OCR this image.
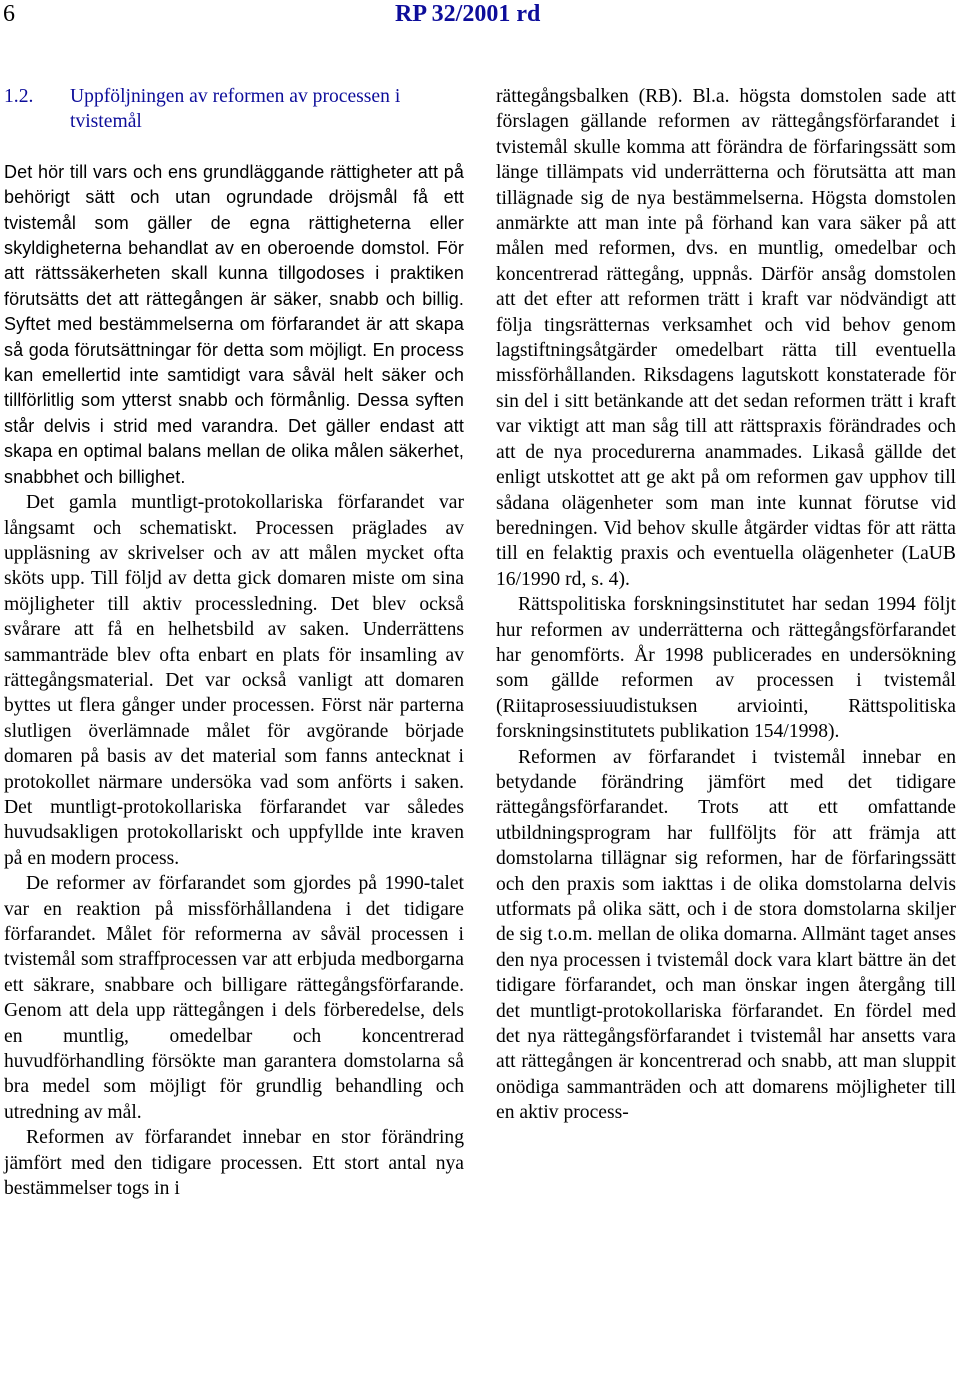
6	RP 32/2001 rd
1.2.	Uppföljningen av reformen av processen i tvistemål

Det hör till vars och ens grundläggande rättigheter att på behörigt sätt och utan ogrundade dröjsmål få ett tvistemål som gäller de egna rättigheterna eller skyldigheterna behandlat av en oberoende domstol. För att rättssäkerheten skall kunna tillgodoses i praktiken förutsätts det att rättegången är säker, snabb och billig. Syftet med bestämmelserna om förfarandet är att skapa så goda förutsättningar för detta som möjligt. En process kan emellertid inte samtidigt vara såväl helt säker och tillförlitlig som ytterst snabb och förmånlig. Dessa syften står delvis i strid med varandra. Det gäller endast att skapa en optimal balans mellan de olika målen säkerhet, snabbhet och billighet.

Det gamla muntligt-protokollariska förfarandet var långsamt och schematiskt. Processen präglades av uppläsning av skrivelser och av att målen mycket ofta sköts upp. Till följd av detta gick domaren miste om sina möjligheter till aktiv processledning. Det blev också svårare att få en helhetsbild av saken. Underrättens sammanträde blev ofta enbart en plats för insamling av rättegångsmaterial. Det var också vanligt att domaren byttes ut flera gånger under processen. Först när parterna slutligen överlämnade målet för avgörande började domaren på basis av det material som fanns antecknat i protokollet närmare undersöka vad som anförts i saken. Det muntligt-protokollariska förfarandet var således huvudsakligen protokollariskt och uppfyllde inte kraven på en modern process.

De reformer av förfarandet som gjordes på 1990-talet var en reaktion på missförhållandena i det tidigare förfarandet. Målet för reformerna av såväl processen i tvistemål som straffprocessen var att erbjuda medborgarna ett säkrare, snabbare och billigare rättegångsförfarande. Genom att dela upp rättegången i dels förberedelse, dels en muntlig, omedelbar och koncentrerad huvudförhandling försökte man garantera domstolarna så bra medel som möjligt för grundlig behandling och utredning av mål.

Reformen av förfarandet innebar en stor förändring jämfört med den tidigare processen. Ett stort antal nya bestämmelser togs in i

rättegångsbalken (RB). Bl.a. högsta domstolen sade att förslagen gällande reformen av rättegångsförfarandet i tvistemål skulle komma att förändra de förfaringssätt som länge tillämpats vid underrätterna och förutsätta att man tillägnade sig de nya bestämmelserna. Högsta domstolen anmärkte att man inte på förhand kan vara säker på att målen med reformen, dvs. en muntlig, omedelbar och koncentrerad rättegång, uppnås. Därför ansåg domstolen att det efter att reformen trätt i kraft var nödvändigt att följa tingsrätternas verksamhet och vid behov genom lagstiftningsåtgärder omedelbart rätta till eventuella missförhållanden. Riksdagens lagutskott konstaterade för sin del i sitt betänkande att det sedan reformen trätt i kraft var viktigt att man såg till att rättspraxis förändrades och att de nya procedurerna anammades. Likaså gällde det enligt utskottet att ge akt på om reformen gav upphov till sådana olägenheter som man inte kunnat förutse vid beredningen. Vid behov skulle åtgärder vidtas för att rätta till en felaktig praxis och eventuella olägenheter (LaUB 16/1990 rd, s. 4).

Rättspolitiska forskningsinstitutet har sedan 1994 följt hur reformen av underrätterna och rättegångsförfarandet har genomförts. År 1998 publicerades en undersökning som gällde reformen av processen i tvistemål (Riitaprosessiuudistuksen arviointi, Rättspolitiska forskningsinstitutets publikation 154/1998).

Reformen av förfarandet i tvistemål innebar en betydande förändring jämfört med det tidigare rättegångsförfarandet. Trots att ett omfattande utbildningsprogram har fullföljts för att främja att domstolarna tillägnar sig reformen, har de förfaringssätt och den praxis som iakttas i de olika domstolarna delvis utformats på olika sätt, och i de stora domstolarna skiljer de sig t.o.m. mellan de olika domarna. Allmänt taget anses den nya processen i tvistemål dock vara klart bättre än det tidigare förfarandet, och man önskar ingen återgång till det muntligt-protokollariska förfarandet. En fördel med det nya rättegångsförfarandet i tvistemål har ansetts vara att rättegången är koncentrerad och snabb, att man sluppit onödiga sammanträden och att domarens möjligheter till en aktiv process-
